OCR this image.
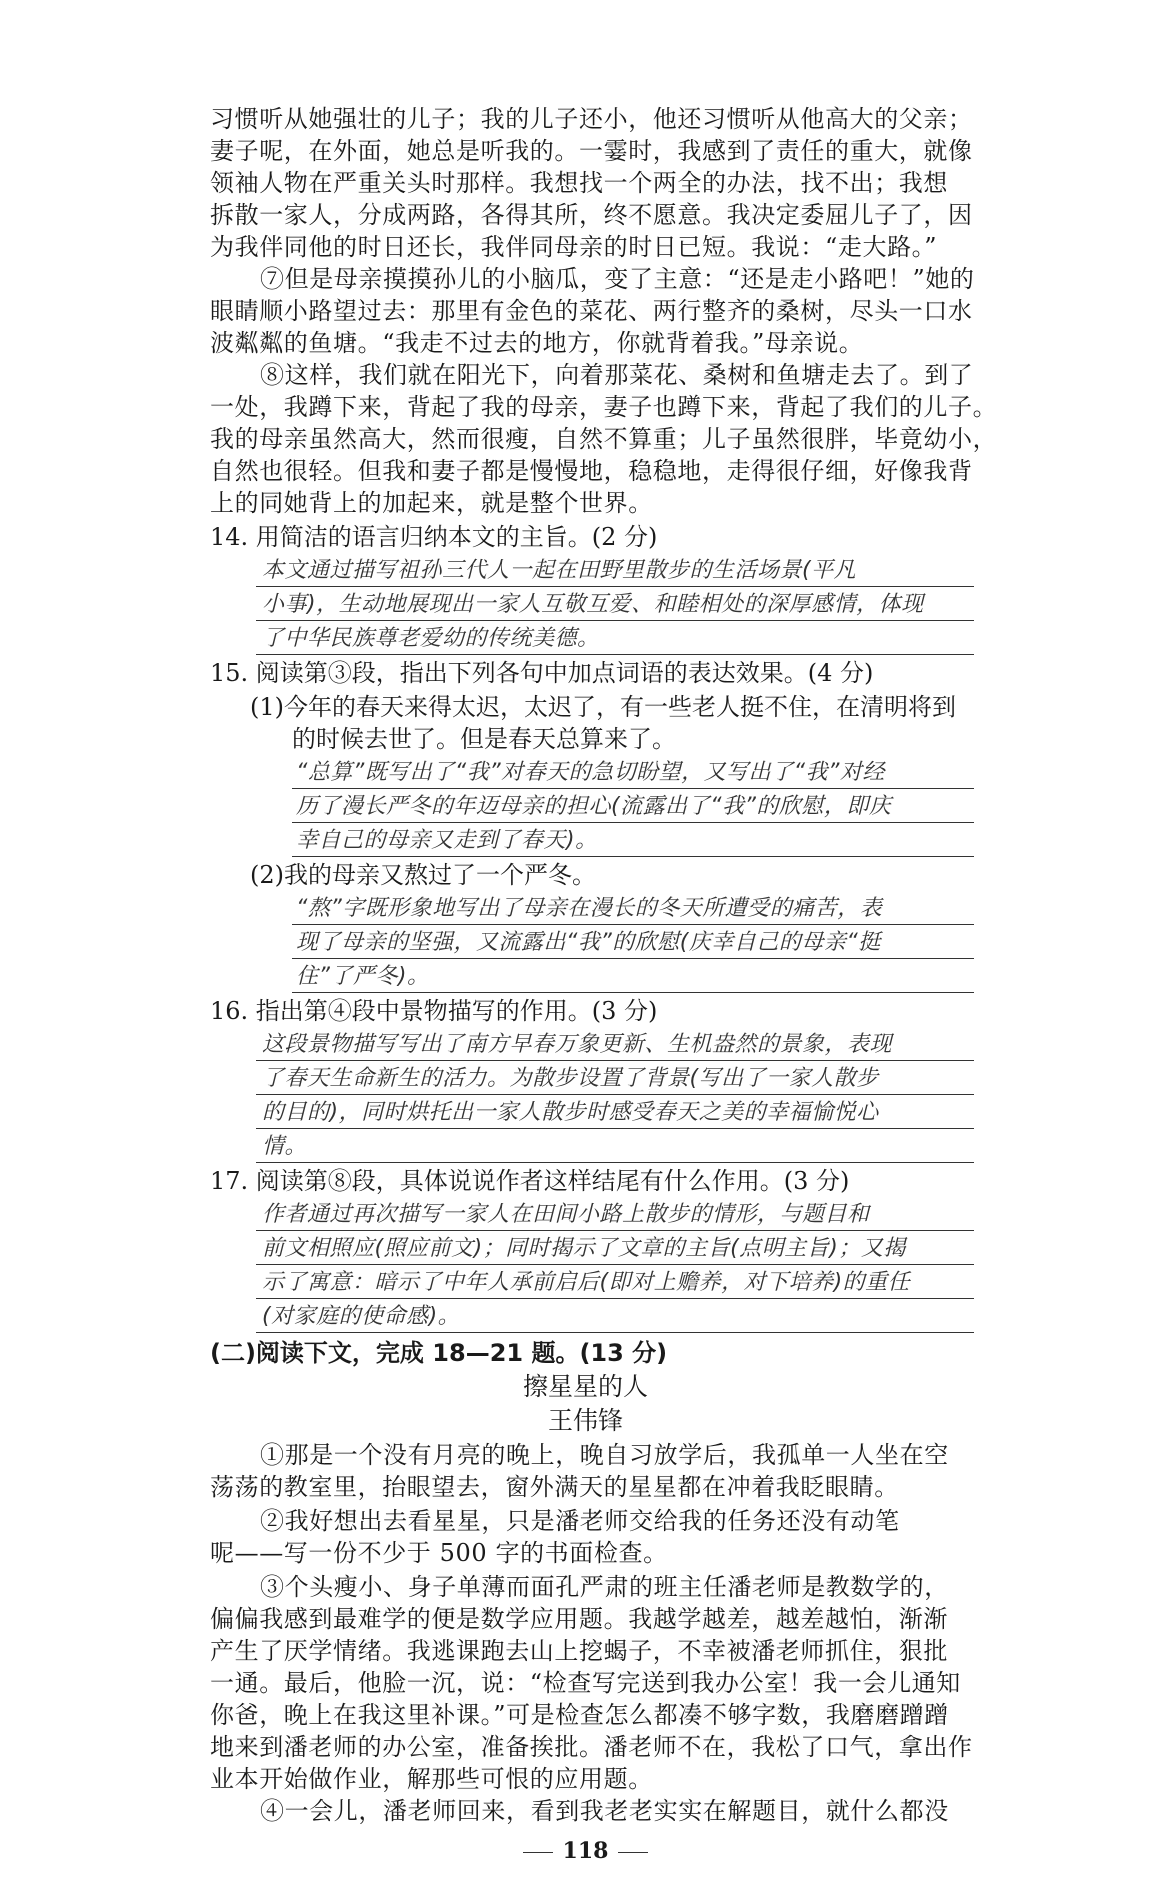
习惯听从她强壮的儿子；我的儿子还小，他还习惯听从他高大的父亲；
妻子呢，在外面，她总是听我的。一霎时，我感到了责任的重大，就像
领袖人物在严重关头时那样。我想找一个两全的办法，找不出；我想
拆散一家人，分成两路，各得其所，终不愿意。我决定委屈儿子了，因
为我伴同他的时日还长，我伴同母亲的时日已短。我说：“走大路。”
⑦但是母亲摸摸孙儿的小脑瓜，变了主意：“还是走小路吧！”她的
眼睛顺小路望过去：那里有金色的菜花、两行整齐的桑树，尽头一口水
波粼粼的鱼塘。“我走不过去的地方，你就背着我。”母亲说。
⑧这样，我们就在阳光下，向着那菜花、桑树和鱼塘走去了。到了
一处，我蹲下来，背起了我的母亲，妻子也蹲下来，背起了我们的儿子。
我的母亲虽然高大，然而很瘦，自然不算重；儿子虽然很胖，毕竟幼小，
自然也很轻。但我和妻子都是慢慢地，稳稳地，走得很仔细，好像我背
上的同她背上的加起来，就是整个世界。
14. 用简洁的语言归纳本文的主旨。(2 分)
本文通过描写祖孙三代人一起在田野里散步的生活场景(平凡
小事)，生动地展现出一家人互敬互爱、和睦相处的深厚感情，体现
了中华民族尊老爱幼的传统美德。
15. 阅读第③段，指出下列各句中加点词语的表达效果。(4 分)
(1)今年的春天来得太迟，太迟了，有一些老人挺不住，在清明将到
的时候去世了。但是春天总算来了。
“总算”既写出了“我”对春天的急切盼望，又写出了“我”对经
历了漫长严冬的年迈母亲的担心(流露出了“我”的欣慰，即庆
幸自己的母亲又走到了春天)。
(2)我的母亲又熬过了一个严冬。
“熬”字既形象地写出了母亲在漫长的冬天所遭受的痛苦，表
现了母亲的坚强，又流露出“我”的欣慰(庆幸自己的母亲“挺
住”了严冬)。
16. 指出第④段中景物描写的作用。(3 分)
这段景物描写写出了南方早春万象更新、生机盎然的景象，表现
了春天生命新生的活力。为散步设置了背景(写出了一家人散步
的目的)，同时烘托出一家人散步时感受春天之美的幸福愉悦心
情。
17. 阅读第⑧段，具体说说作者这样结尾有什么作用。(3 分)
作者通过再次描写一家人在田间小路上散步的情形，与题目和
前文相照应(照应前文)；同时揭示了文章的主旨(点明主旨)；又揭
示了寓意：暗示了中年人承前启后(即对上赡养，对下培养)的重任
(对家庭的使命感)。
(二)阅读下文，完成 18—21 题。(13 分)
擦星星的人
王伟锋
①那是一个没有月亮的晚上，晚自习放学后，我孤单一人坐在空
荡荡的教室里，抬眼望去，窗外满天的星星都在冲着我眨眼睛。
②我好想出去看星星，只是潘老师交给我的任务还没有动笔
呢——写一份不少于 500 字的书面检查。
③个头瘦小、身子单薄而面孔严肃的班主任潘老师是教数学的，
偏偏我感到最难学的便是数学应用题。我越学越差，越差越怕，渐渐
产生了厌学情绪。我逃课跑去山上挖蝎子，不幸被潘老师抓住，狠批
一通。最后，他脸一沉，说：“检查写完送到我办公室！我一会儿通知
你爸，晚上在我这里补课。”可是检查怎么都凑不够字数，我磨磨蹭蹭
地来到潘老师的办公室，准备挨批。潘老师不在，我松了口气，拿出作
业本开始做作业，解那些可恨的应用题。
④一会儿，潘老师回来，看到我老老实实在解题目，就什么都没
118
